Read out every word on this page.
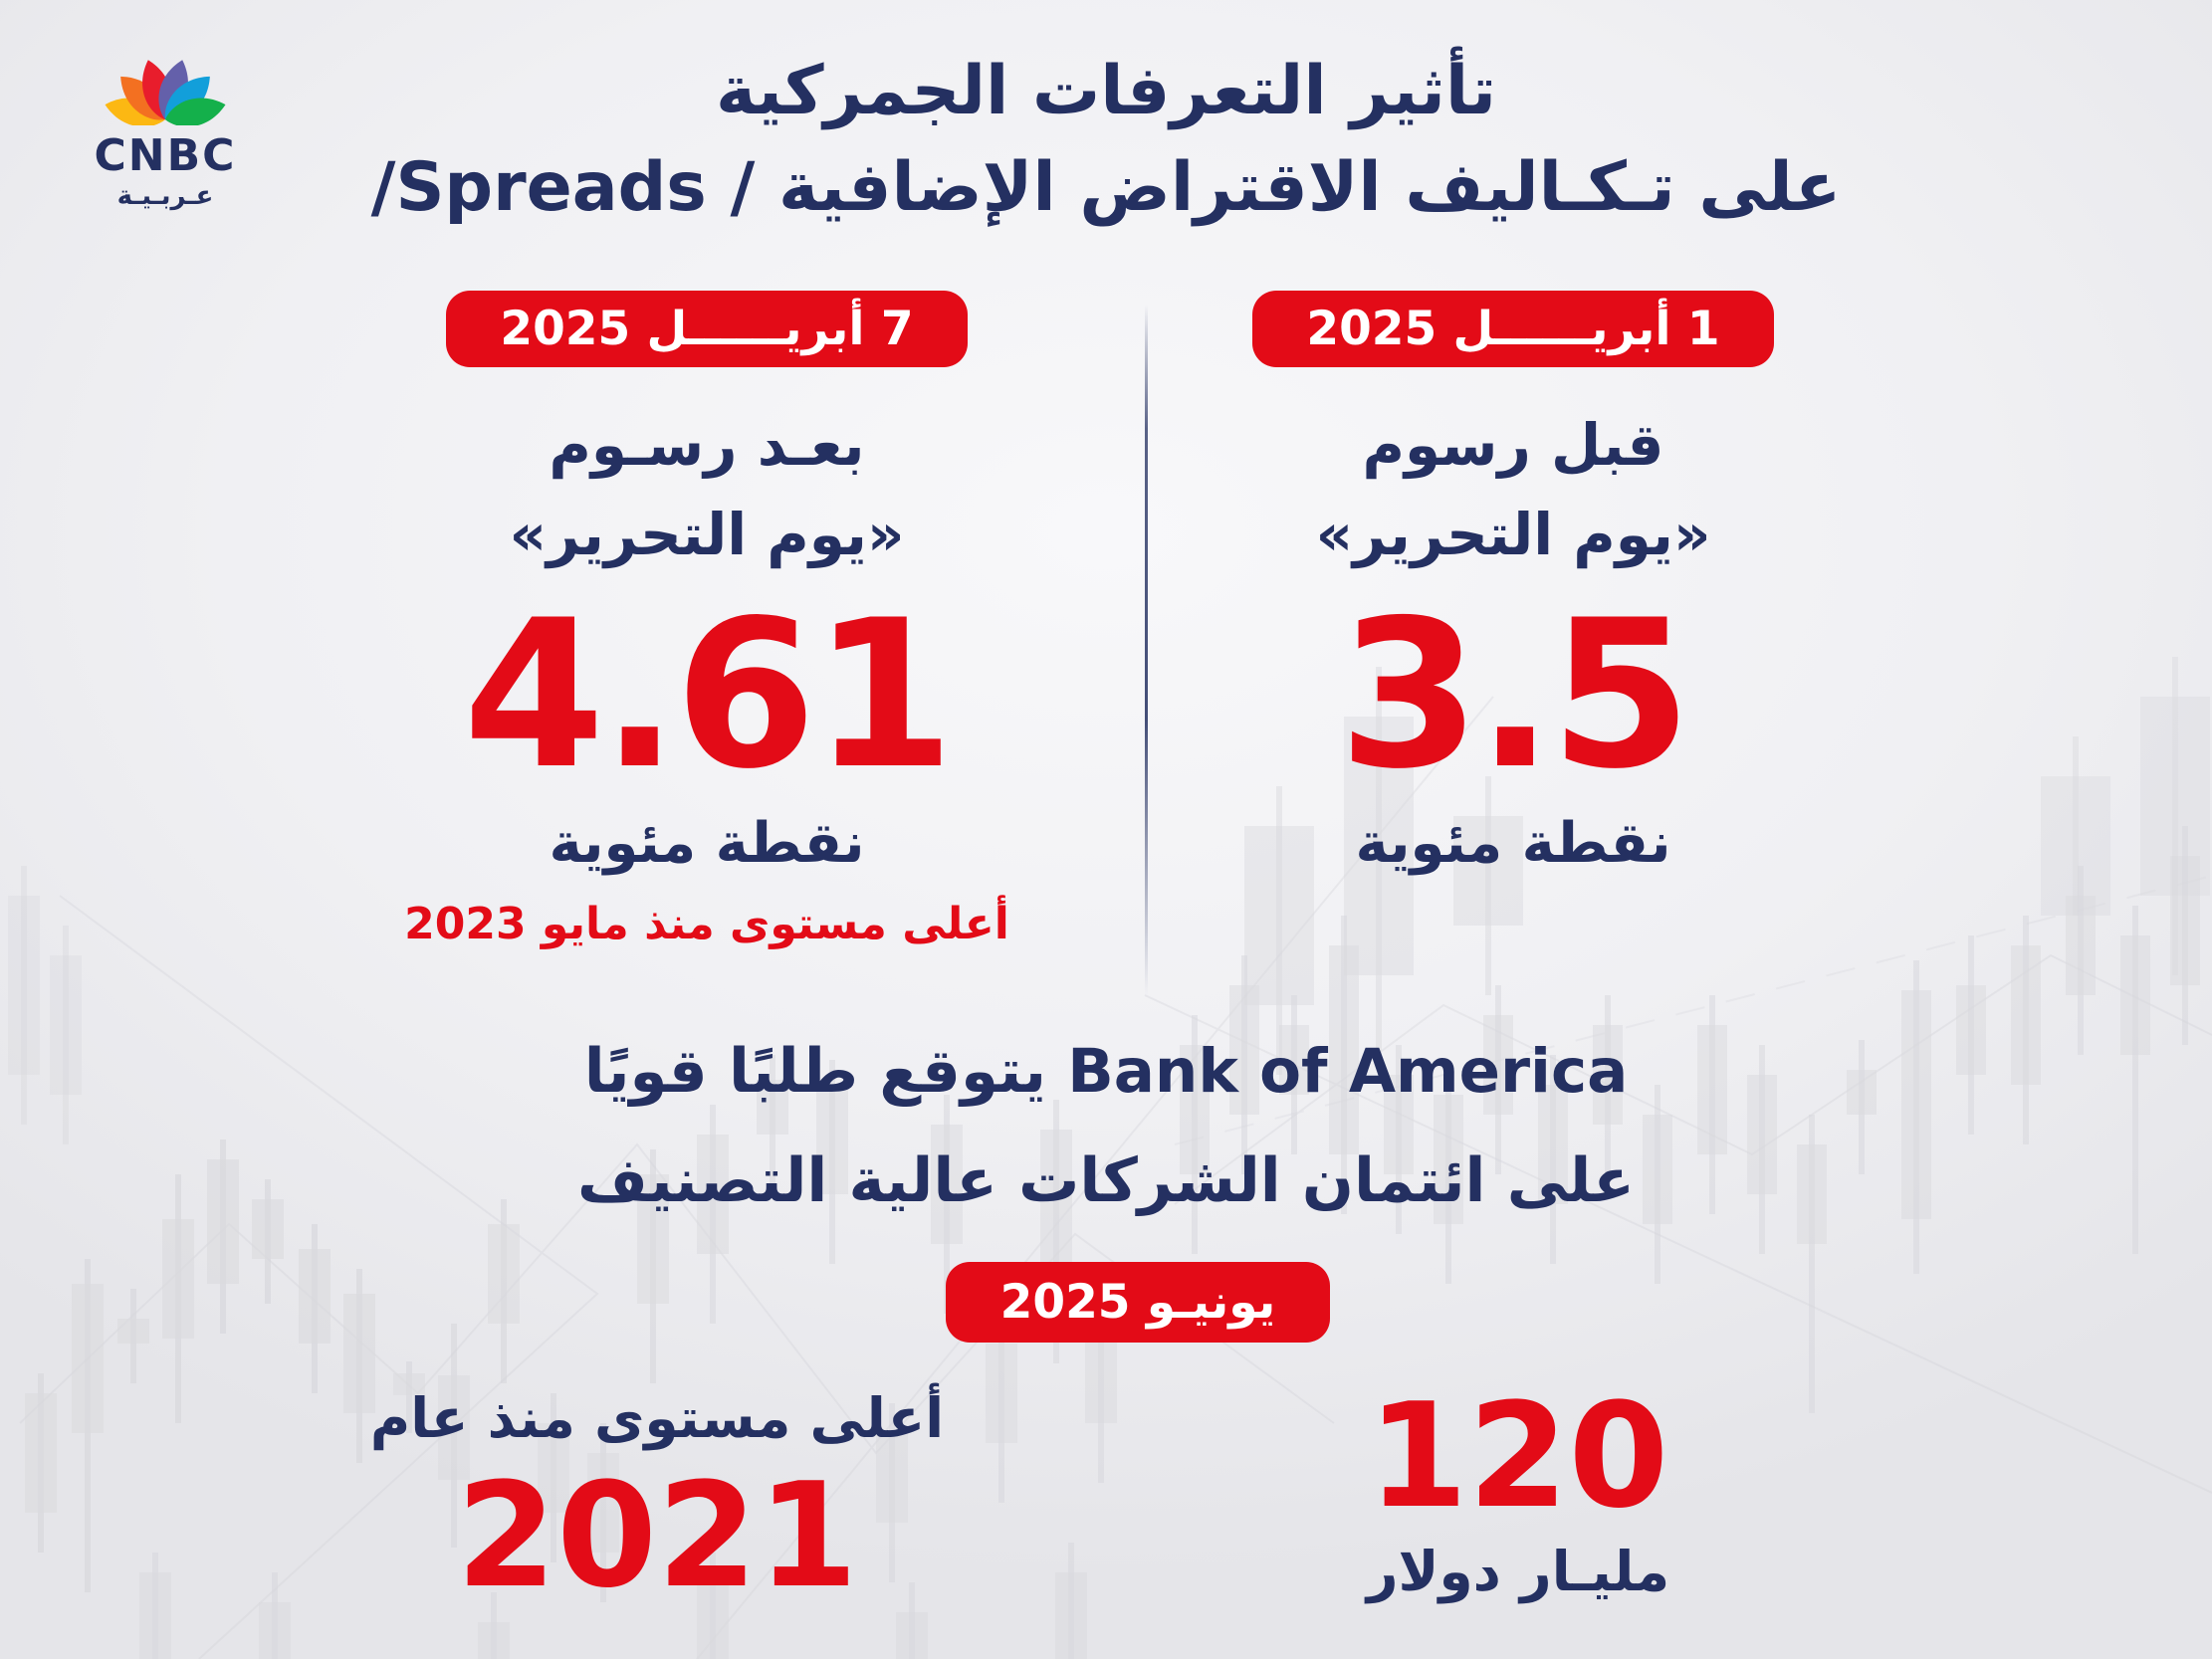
CNBC
عـربـيـة
تأثير التعرفات الجمركية
على تـكـاليف الاقتراض الإضافية / Spreads/
1 أبريــــــل 2025
قبل رسوم
«يوم التحرير»
3.5
نقطة مئوية
7 أبريــــــل 2025
بعـد رسـوم
«يوم التحرير»
4.61
نقطة مئوية
أعلى مستوى منذ مايو 2023
Bank of America يتوقع طلبًا قويًا
على ائتمان الشركات عالية التصنيف
يونيـو 2025
أعلى مستوى منذ عام
2021	120
مليـار دولار
